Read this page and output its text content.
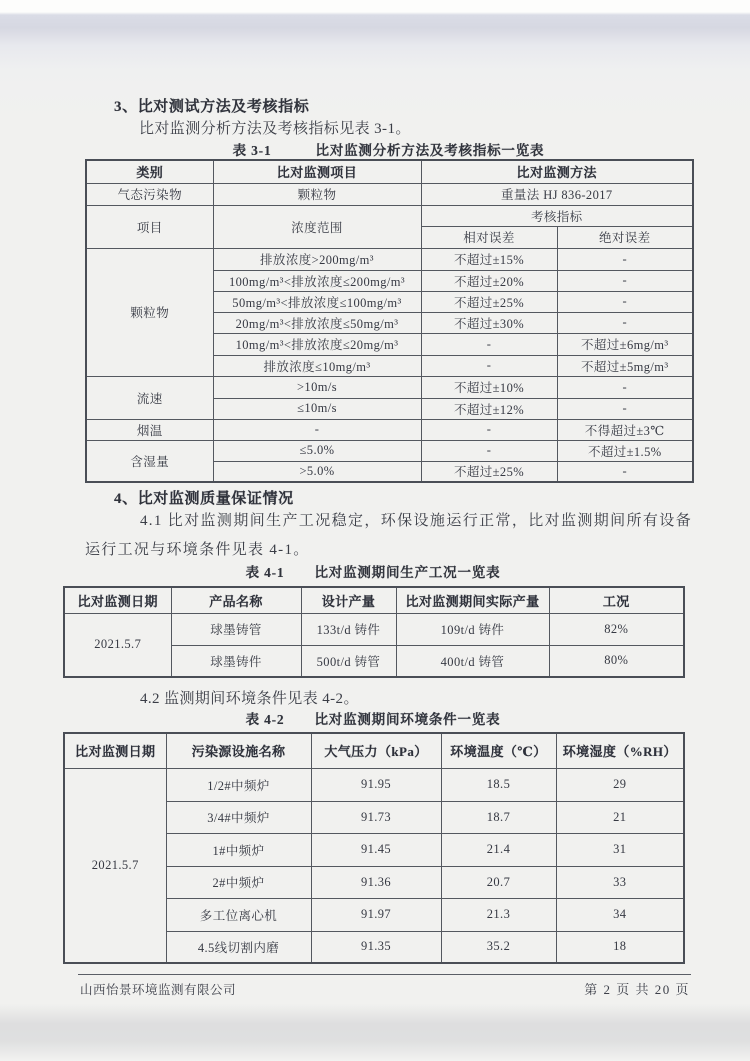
3、比对测试方法及考核指标
比对监测分析方法及考核指标见表 3-1。
表 3-1	比对监测分析方法及考核指标一览表
类别	比对监测项目	比对监测方法	
气态污染物	颗粒物	重量法 HJ 836-2017	
项目	浓度范围	考核指标	
		相对误差	绝对误差
颗粒物	排放浓度>200mg/m³	不超过±15%	-
	100mg/m³<排放浓度≤200mg/m³	不超过±20%	-
	50mg/m³<排放浓度≤100mg/m³	不超过±25%	-
	20mg/m³<排放浓度≤50mg/m³	不超过±30%	-
	10mg/m³<排放浓度≤20mg/m³	-	不超过±6mg/m³
	排放浓度≤10mg/m³	-	不超过±5mg/m³
流速	>10m/s	不超过±10%	-
	≤10m/s	不超过±12%	-
烟温	-	-	不得超过±3℃
含湿量	≤5.0%	-	不超过±1.5%
	>5.0%	不超过±25%	-
4、比对监测质量保证情况
4.1 比对监测期间生产工况稳定，环保设施运行正常，比对监测期间所有设备运行工况与环境条件见表 4-1。
表 4-1 比对监测期间生产工况一览表
比对监测日期	产品名称	设计产量	比对监测期间实际产量	工况
2021.5.7	球墨铸管	133t/d 铸件	109t/d 铸件	82%
	球墨铸件	500t/d 铸管	400t/d 铸管	80%
4.2 监测期间环境条件见表 4-2。
表 4-2 比对监测期间环境条件一览表
比对监测日期	污染源设施名称	大气压力（kPa）	环境温度（℃）	环境湿度（%RH）
2021.5.7	1/2#中频炉	91.95	18.5	29
	3/4#中频炉	91.73	18.7	21
	1#中频炉	91.45	21.4	31
	2#中频炉	91.36	20.7	33
	多工位离心机	91.97	21.3	34
	4.5线切割内磨	91.35	35.2	18
山西怡景环境监测有限公司	第 2 页 共 20 页
